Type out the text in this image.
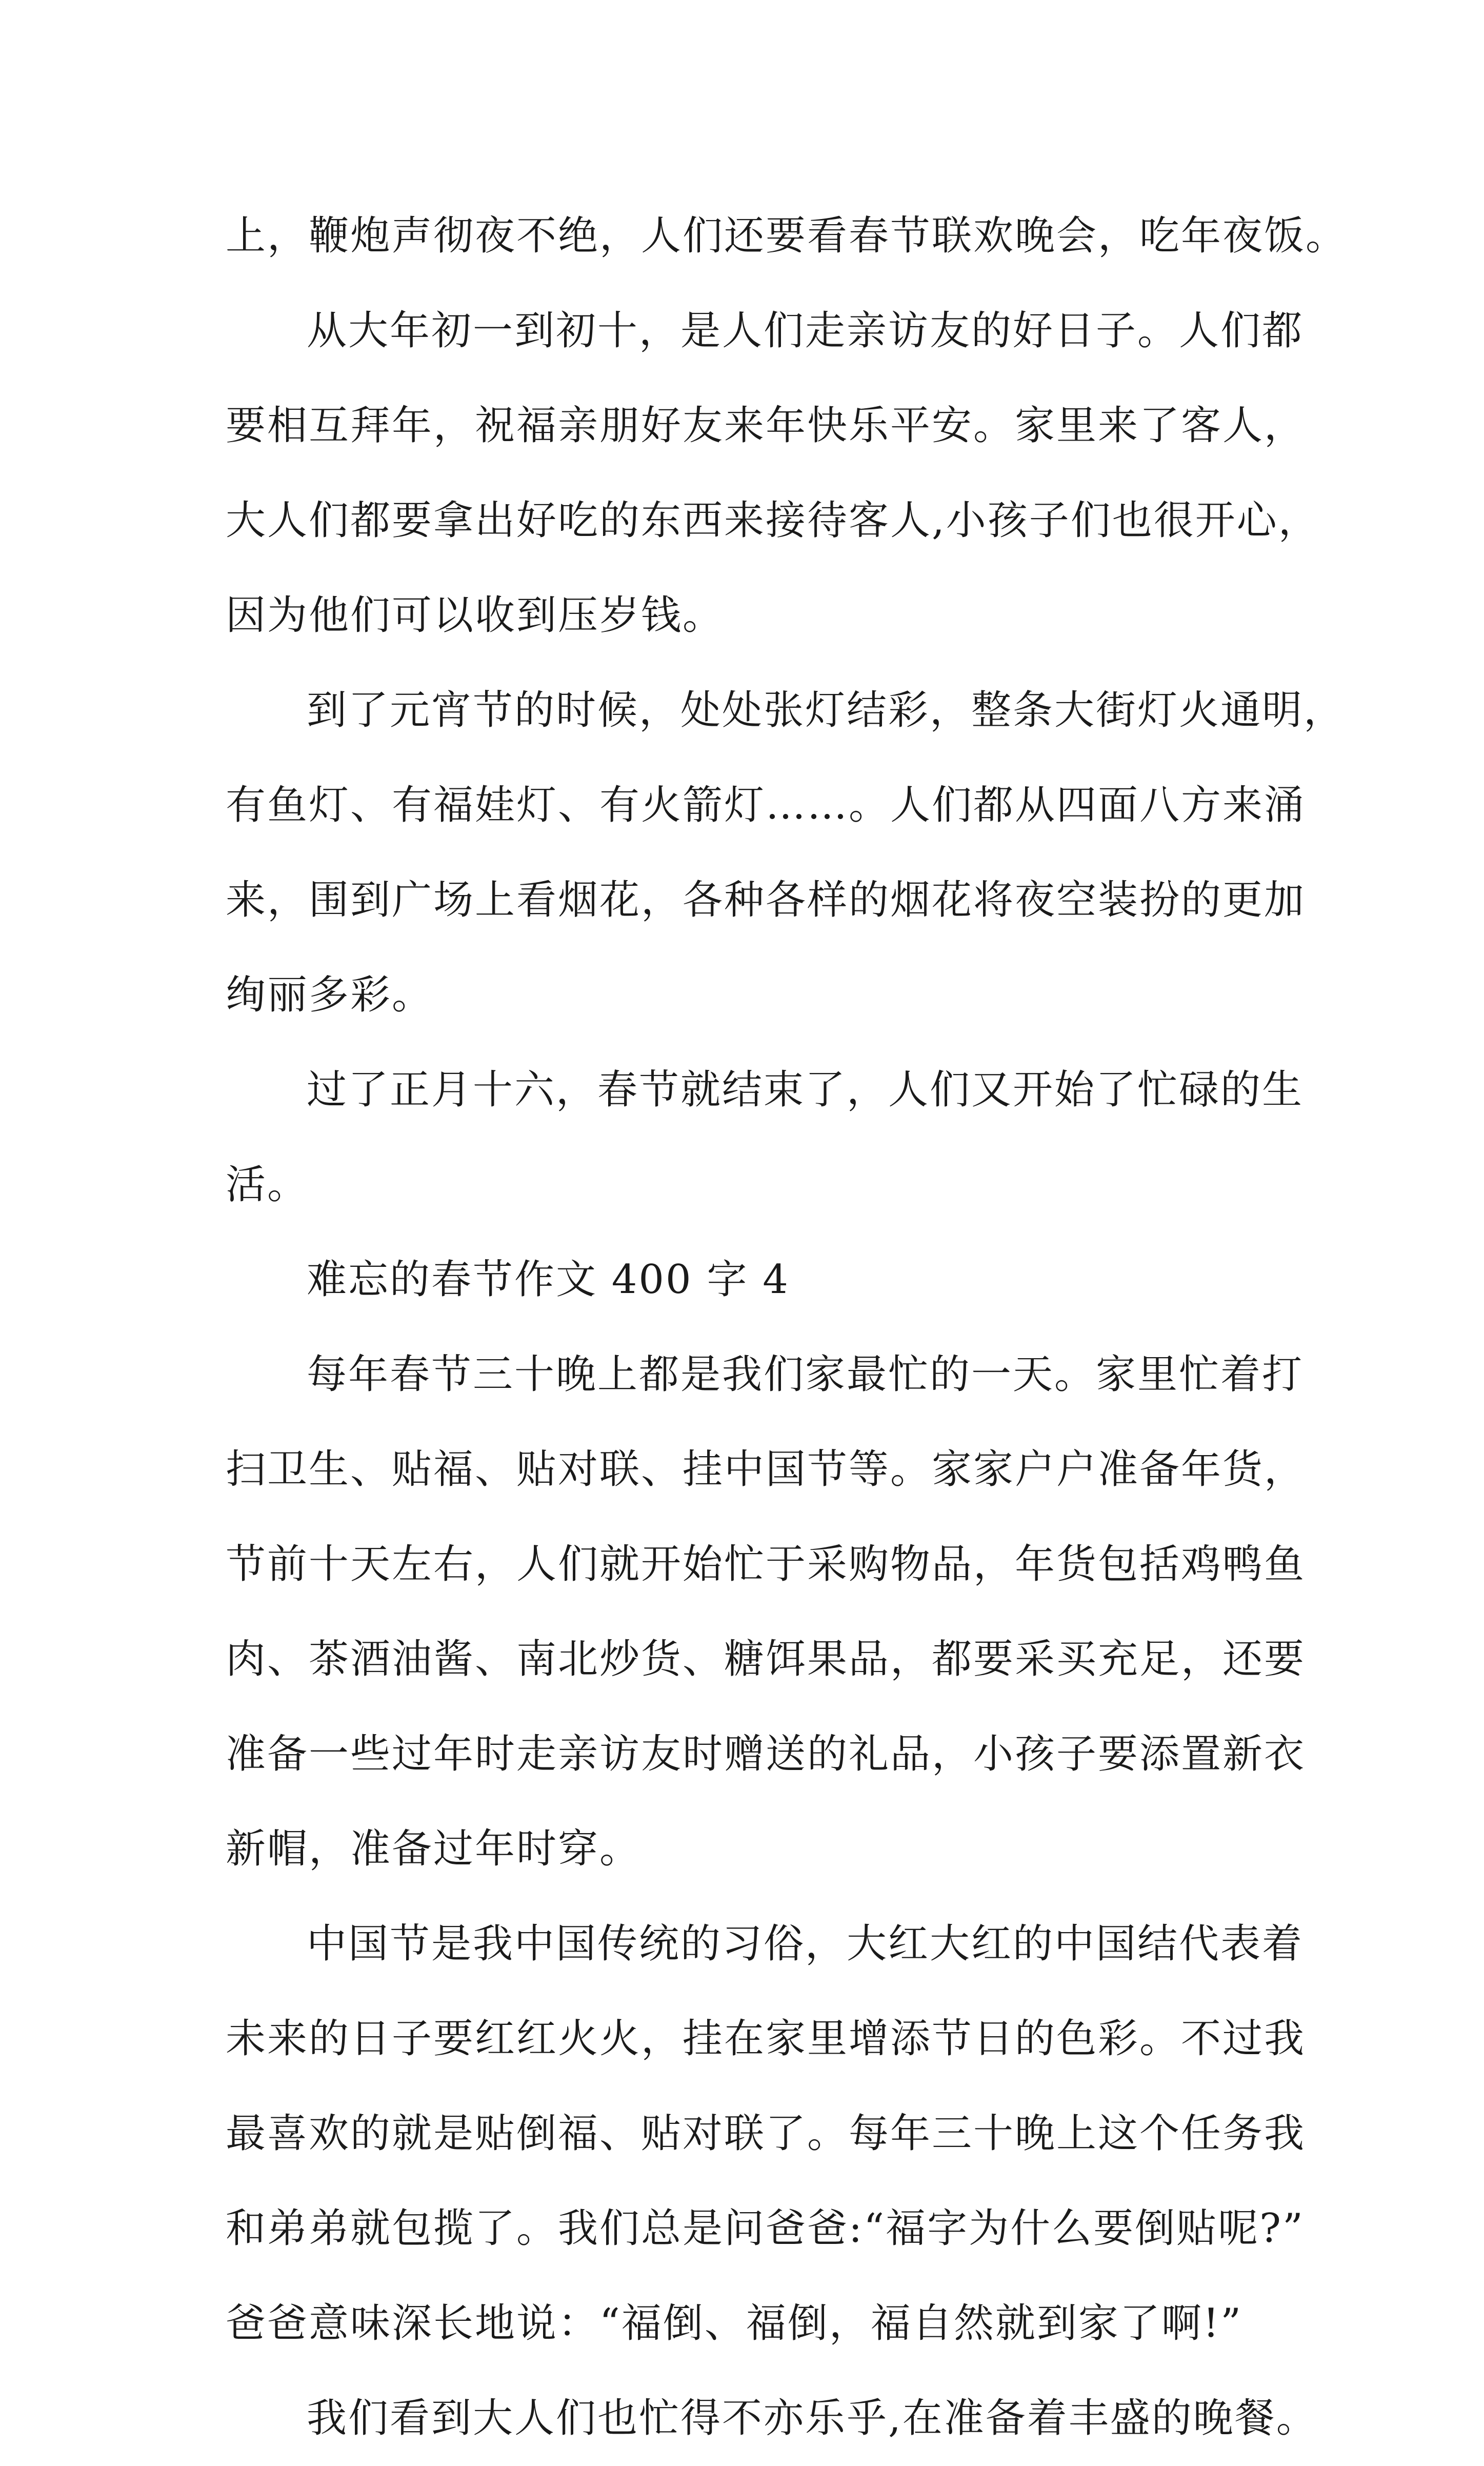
上，鞭炮声彻夜不绝，人们还要看春节联欢晚会，吃年夜饭。
从大年初一到初十，是人们走亲访友的好日子。人们都
要相互拜年，祝福亲朋好友来年快乐平安。家里来了客人，
大人们都要拿出好吃的东西来接待客人,小孩子们也很开心，
因为他们可以收到压岁钱。
到了元宵节的时候，处处张灯结彩，整条大街灯火通明，
有鱼灯、有福娃灯、有火箭灯……。人们都从四面八方来涌
来，围到广场上看烟花，各种各样的烟花将夜空装扮的更加
绚丽多彩。
过了正月十六，春节就结束了，人们又开始了忙碌的生
活。
难忘的春节作文 400 字 4
每年春节三十晚上都是我们家最忙的一天。家里忙着打
扫卫生、贴福、贴对联、挂中国节等。家家户户准备年货，
节前十天左右，人们就开始忙于采购物品，年货包括鸡鸭鱼
肉、茶酒油酱、南北炒货、糖饵果品，都要采买充足，还要
准备一些过年时走亲访友时赠送的礼品，小孩子要添置新衣
新帽，准备过年时穿。
中国节是我中国传统的习俗，大红大红的中国结代表着
未来的日子要红红火火，挂在家里增添节日的色彩。不过我
最喜欢的就是贴倒福、贴对联了。每年三十晚上这个任务我
和弟弟就包揽了。我们总是问爸爸:“福字为什么要倒贴呢?”
爸爸意味深长地说：“福倒、福倒，福自然就到家了啊!”
我们看到大人们也忙得不亦乐乎,在准备着丰盛的晚餐。
